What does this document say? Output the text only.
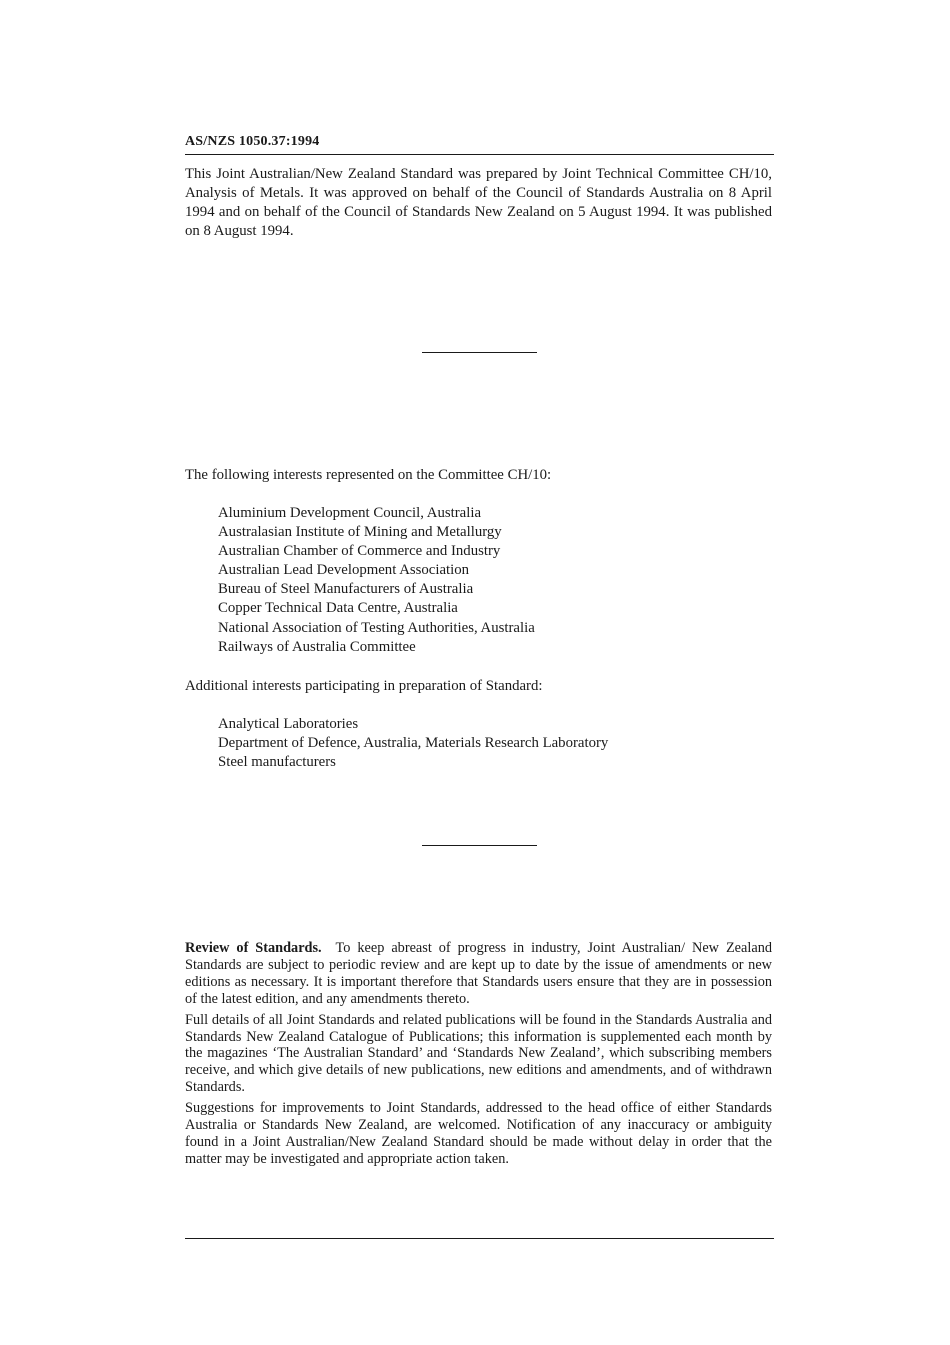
AS/NZS 1050.37:1994
This Joint Australian/New Zealand Standard was prepared by Joint Technical Committee CH/10, Analysis of Metals. It was approved on behalf of the Council of Standards Australia on 8 April 1994 and on behalf of the Council of Standards New Zealand on 5 August 1994. It was published on 8 August 1994.
The following interests represented on the Committee CH/10:
Aluminium Development Council, Australia
Australasian Institute of Mining and Metallurgy
Australian Chamber of Commerce and Industry
Australian Lead Development Association
Bureau of Steel Manufacturers of Australia
Copper Technical Data Centre, Australia
National Association of Testing Authorities, Australia
Railways of Australia Committee
Additional interests participating in preparation of Standard:
Analytical Laboratories
Department of Defence, Australia, Materials Research Laboratory
Steel manufacturers

Review of Standards. To keep abreast of progress in industry, Joint Australian/ New Zealand Standards are subject to periodic review and are kept up to date by the issue of amendments or new editions as necessary. It is important therefore that Standards users ensure that they are in possession of the latest edition, and any amendments thereto.

Full details of all Joint Standards and related publications will be found in the Standards Australia and Standards New Zealand Catalogue of Publications; this information is supplemented each month by the magazines ‘The Australian Standard’ and ‘Standards New Zealand’, which subscribing members receive, and which give details of new publications, new editions and amendments, and of withdrawn Standards.

Suggestions for improvements to Joint Standards, addressed to the head office of either Standards Australia or Standards New Zealand, are welcomed. Notification of any inaccuracy or ambiguity found in a Joint Australian/New Zealand Standard should be made without delay in order that the matter may be investigated and appropriate action taken.
